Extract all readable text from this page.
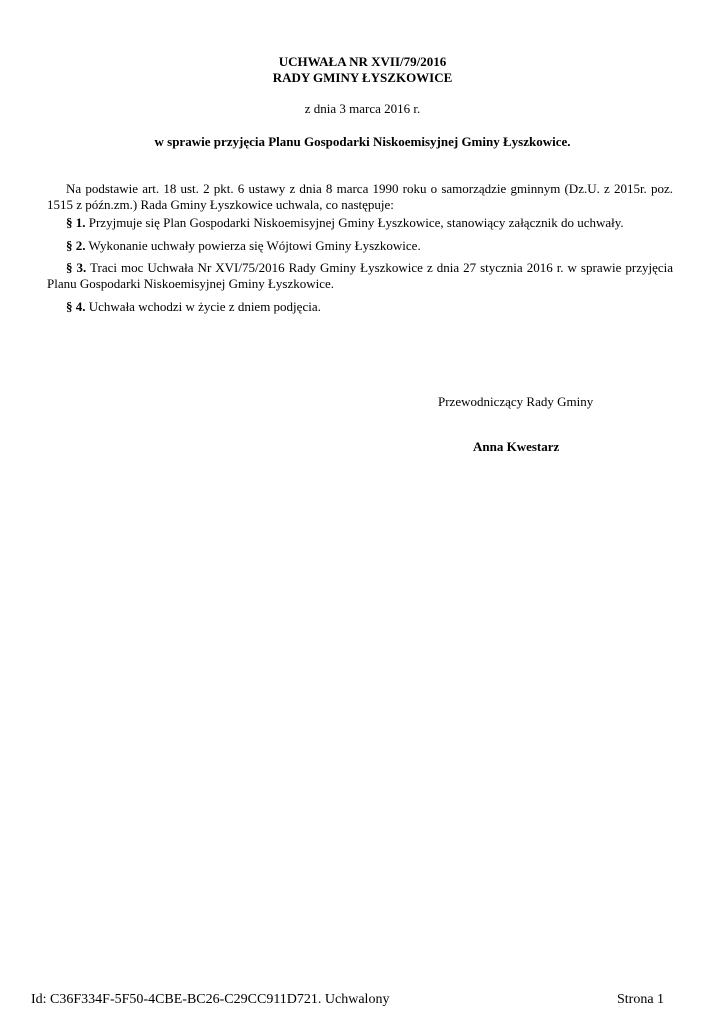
UCHWAŁA NR XVII/79/2016
RADY GMINY ŁYSZKOWICE
z dnia 3 marca 2016 r.
w sprawie przyjęcia Planu Gospodarki Niskoemisyjnej Gminy Łyszkowice.

Na podstawie art. 18 ust. 2 pkt. 6 ustawy z dnia 8 marca 1990 roku o samorządzie gminnym (Dz.U. z 2015r. poz. 1515 z późn.zm.) Rada Gminy Łyszkowice uchwala, co następuje:

§ 1. Przyjmuje się Plan Gospodarki Niskoemisyjnej Gminy Łyszkowice, stanowiący załącznik do uchwały.

§ 2. Wykonanie uchwały powierza się Wójtowi Gminy Łyszkowice.

§ 3. Traci moc Uchwała Nr XVI/75/2016 Rady Gminy Łyszkowice z dnia 27 stycznia 2016 r. w sprawie przyjęcia Planu Gospodarki Niskoemisyjnej Gminy Łyszkowice.

§ 4. Uchwała wchodzi w życie z dniem podjęcia.

Przewodniczący Rady Gminy
Anna Kwestarz
Id: C36F334F-5F50-4CBE-BC26-C29CC911D721. Uchwalony	Strona 1
